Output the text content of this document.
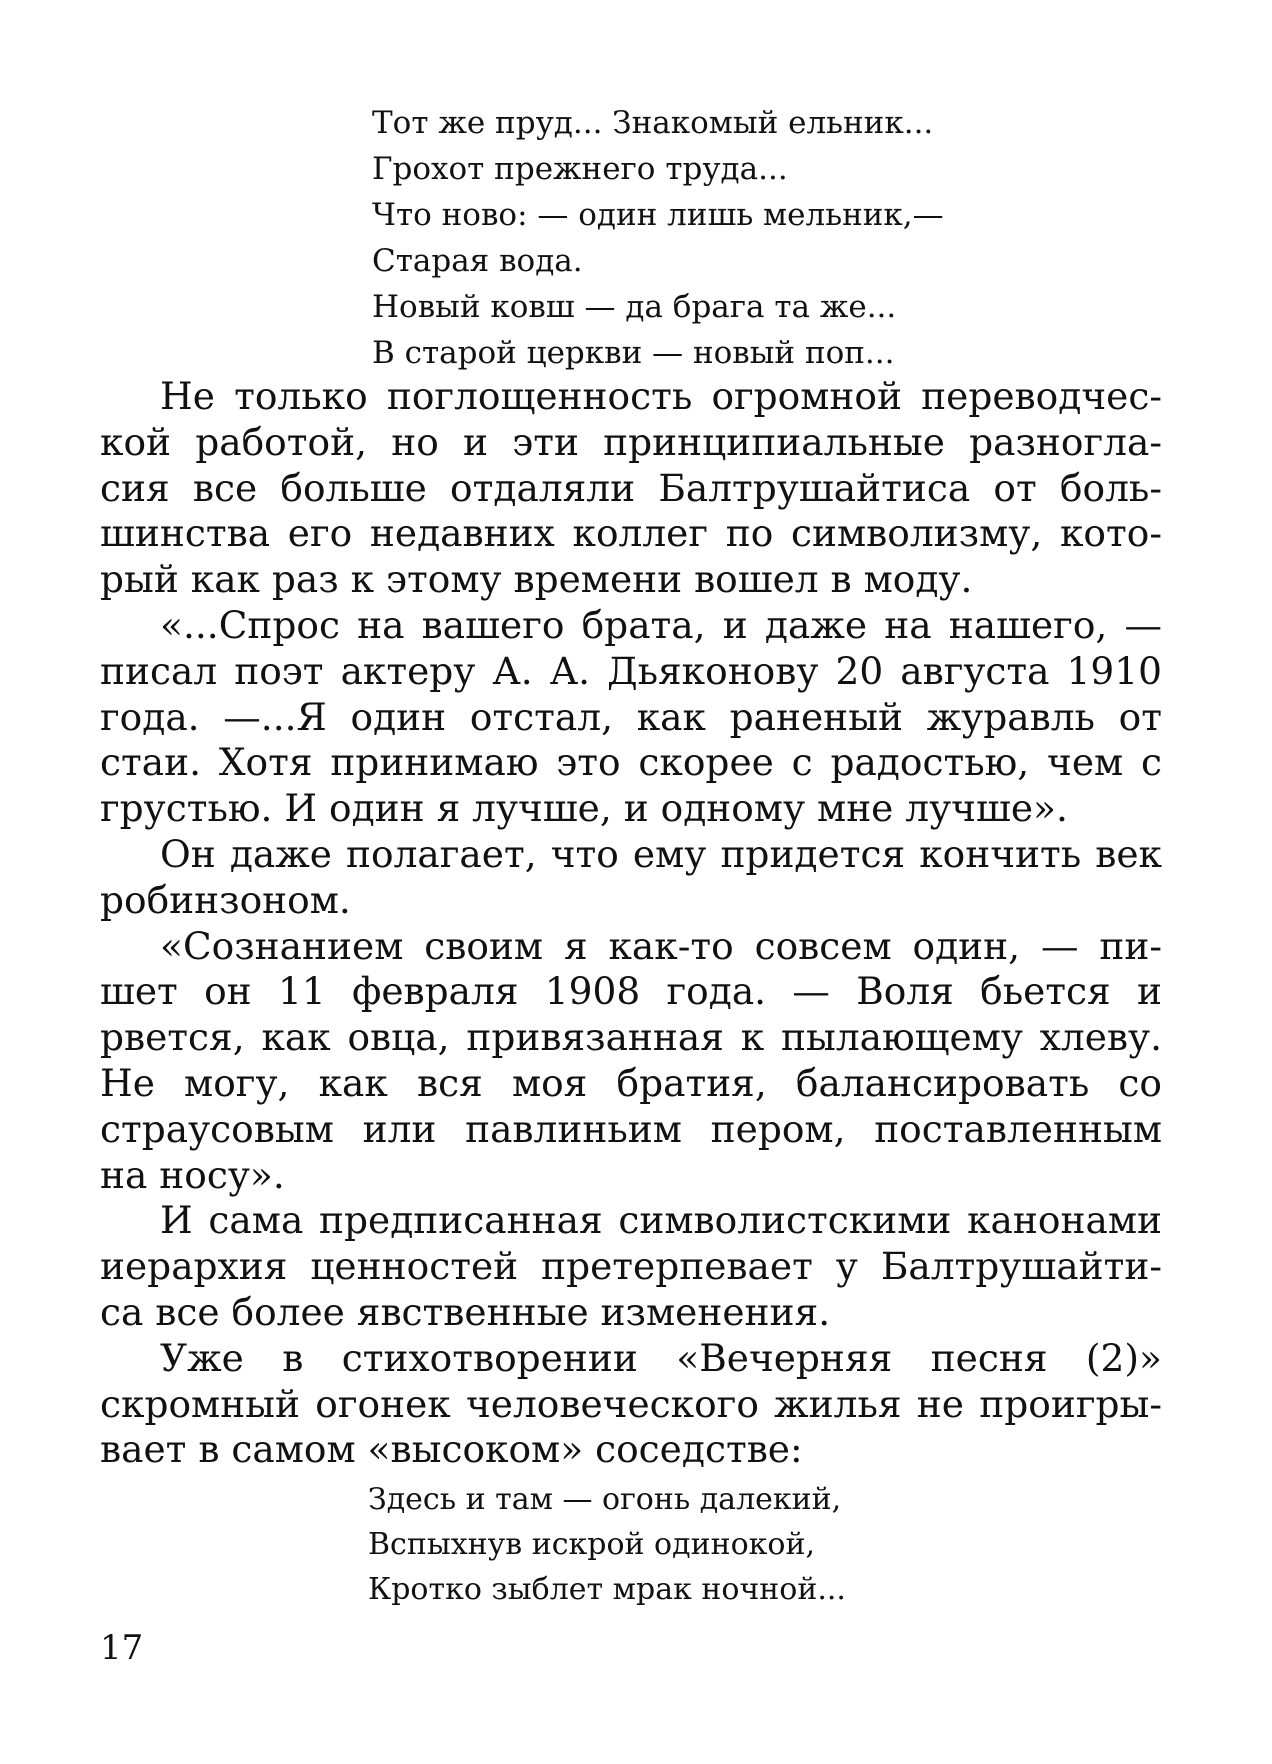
Тот же пруд... Знакомый ельник...
Грохот прежнего труда...
Что ново: — один лишь мельник,—
Старая вода.
Новый ковш — да брага та же...
В старой церкви — новый поп...
Не только поглощенность огромной переводчес-
кой работой, но и эти принципиальные разногла-
сия все больше отдаляли Балтрушайтиса от боль-
шинства его недавних коллег по символизму, кото-
рый как раз к этому времени вошел в моду.
«...Спрос на вашего брата, и даже на нашего, —
писал поэт актеру А. А. Дьяконову 20 августа 1910
года. —...Я один отстал, как раненый журавль от
стаи. Хотя принимаю это скорее с радостью, чем с
грустью. И один я лучше, и одному мне лучше».
Он даже полагает, что ему придется кончить век
робинзоном.
«Сознанием своим я как-то совсем один, — пи-
шет он 11 февраля 1908 года. — Воля бьется и
рвется, как овца, привязанная к пылающему хлеву.
Не могу, как вся моя братия, балансировать со
страусовым или павлиньим пером, поставленным
на носу».
И сама предписанная символистскими канонами
иерархия ценностей претерпевает у Балтрушайти-
са все более явственные изменения.
Уже в стихотворении «Вечерняя песня (2)»
скромный огонек человеческого жилья не проигры-
вает в самом «высоком» соседстве:
Здесь и там — огонь далекий,
Вспыхнув искрой одинокой,
Кротко зыблет мрак ночной...
17
